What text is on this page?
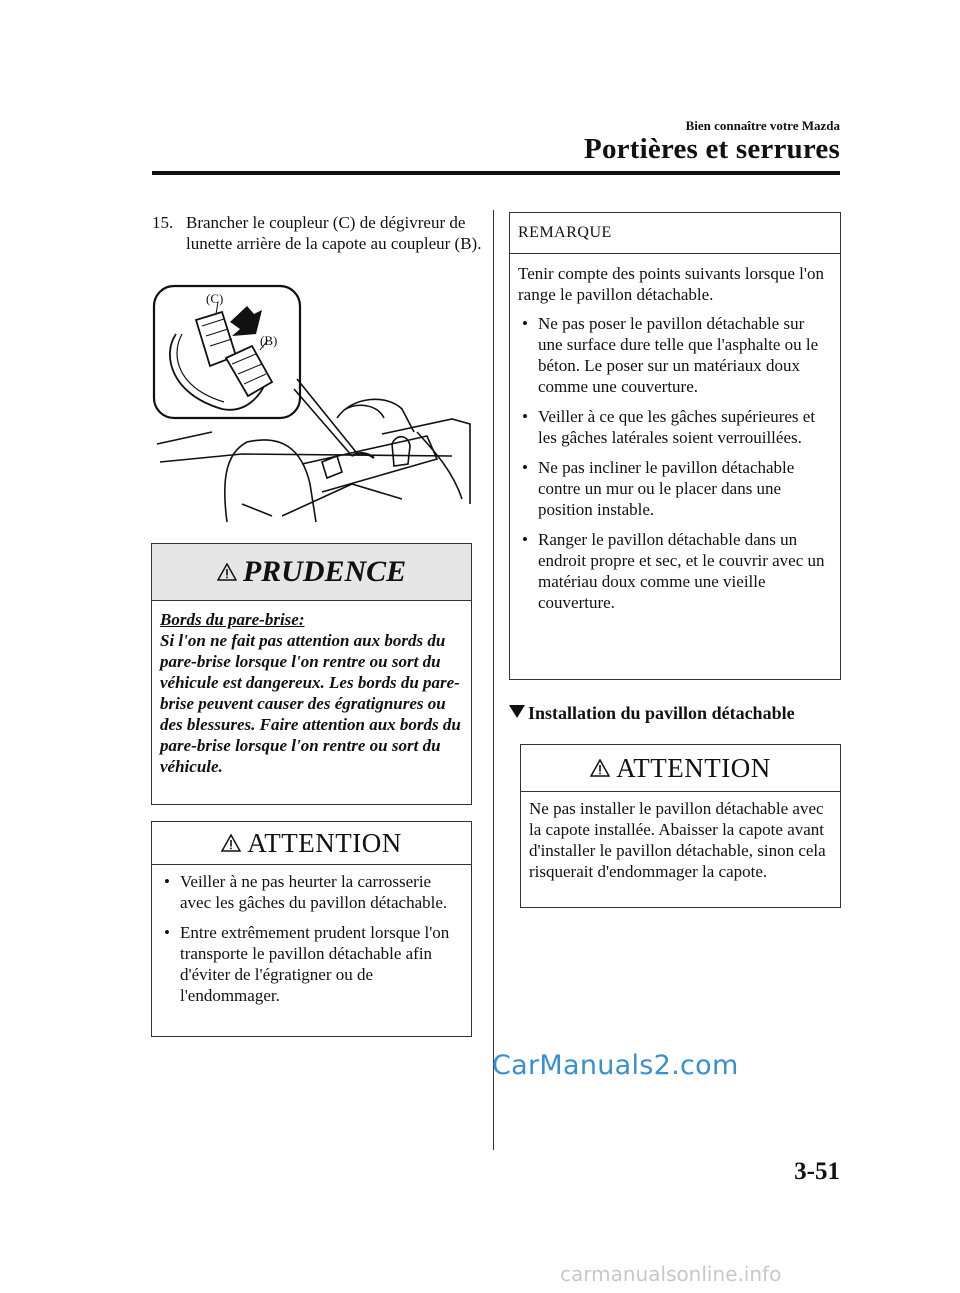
Bien connaître votre Mazda
Portières et serrures
15. Brancher le coupleur (C) de dégivreur de lunette arrière de la capote au coupleur (B).
(C)
(B)
PRUDENCE
Bords du pare-brise:
Si l'on ne fait pas attention aux bords du pare-brise lorsque l'on rentre ou sort du véhicule est dangereux. Les bords du pare-brise peuvent causer des égratignures ou des blessures. Faire attention aux bords du pare-brise lorsque l'on rentre ou sort du véhicule.
ATTENTION
• Veiller à ne pas heurter la carrosserie avec les gâches du pavillon détachable.
• Entre extrêmement prudent lorsque l'on transporte le pavillon détachable afin d'éviter de l'égratigner ou de l'endommager.
REMARQUE
Tenir compte des points suivants lorsque l'on range le pavillon détachable.
• Ne pas poser le pavillon détachable sur une surface dure telle que l'asphalte ou le béton. Le poser sur un matériaux doux comme une couverture.
• Veiller à ce que les gâches supérieures et les gâches latérales soient verrouillées.
• Ne pas incliner le pavillon détachable contre un mur ou le placer dans une position instable.
• Ranger le pavillon détachable dans un endroit propre et sec, et le couvrir avec un matériau doux comme une vieille couverture.
Installation du pavillon détachable
ATTENTION
Ne pas installer le pavillon détachable avec la capote installée. Abaisser la capote avant d'installer le pavillon détachable, sinon cela risquerait d'endommager la capote.
CarManuals2.com
3-51
carmanualsonline.info
